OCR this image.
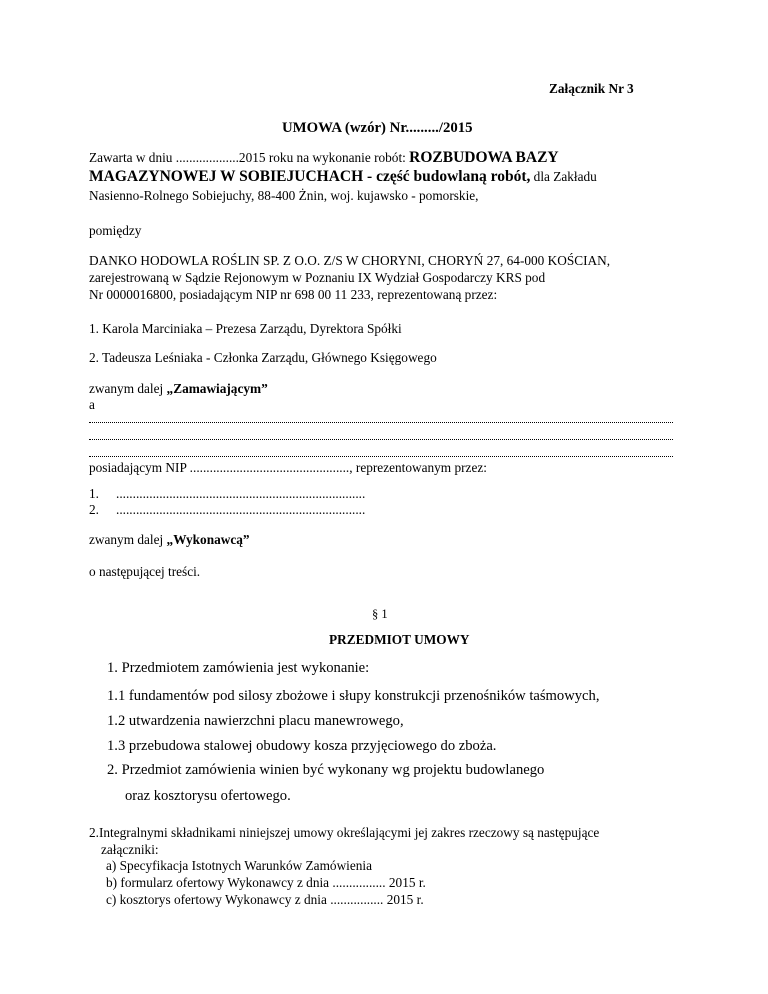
Załącznik Nr 3
UMOWA (wzór) Nr........./2015
Zawarta w dniu ...................2015 roku na wykonanie robót: ROZBUDOWA BAZY
MAGAZYNOWEJ W SOBIEJUCHACH - część budowlaną robót, dla Zakładu
Nasienno-Rolnego Sobiejuchy, 88-400 Żnin, woj. kujawsko - pomorskie,
pomiędzy
DANKO HODOWLA ROŚLIN SP. Z O.O. Z/S W CHORYNI, CHORYŃ 27, 64-000 KOŚCIAN,
zarejestrowaną w Sądzie Rejonowym w Poznaniu IX Wydział Gospodarczy KRS pod
Nr 0000016800, posiadającym NIP nr 698 00 11 233, reprezentowaną przez:
1. Karola Marciniaka – Prezesa Zarządu, Dyrektora Spółki
2. Tadeusza Leśniaka - Członka Zarządu, Głównego Księgowego
zwanym dalej „Zamawiającym”
a
posiadającym NIP ................................................, reprezentowanym przez:
1. ...........................................................................
2. ...........................................................................
zwanym dalej „Wykonawcą”
o następującej treści.
§ 1
PRZEDMIOT UMOWY
1. Przedmiotem zamówienia jest wykonanie:
1.1 fundamentów pod silosy zbożowe i słupy konstrukcji przenośników taśmowych,
1.2 utwardzenia nawierzchni placu manewrowego,
1.3 przebudowa stalowej obudowy kosza przyjęciowego do zboża.
2. Przedmiot zamówienia winien być wykonany wg projektu budowlanego
oraz kosztorysu ofertowego.
2.Integralnymi składnikami niniejszej umowy określającymi jej zakres rzeczowy są następujące
załączniki:
a) Specyfikacja Istotnych Warunków Zamówienia
b) formularz ofertowy Wykonawcy z dnia ................ 2015 r.
c) kosztorys ofertowy Wykonawcy z dnia ................ 2015 r.
